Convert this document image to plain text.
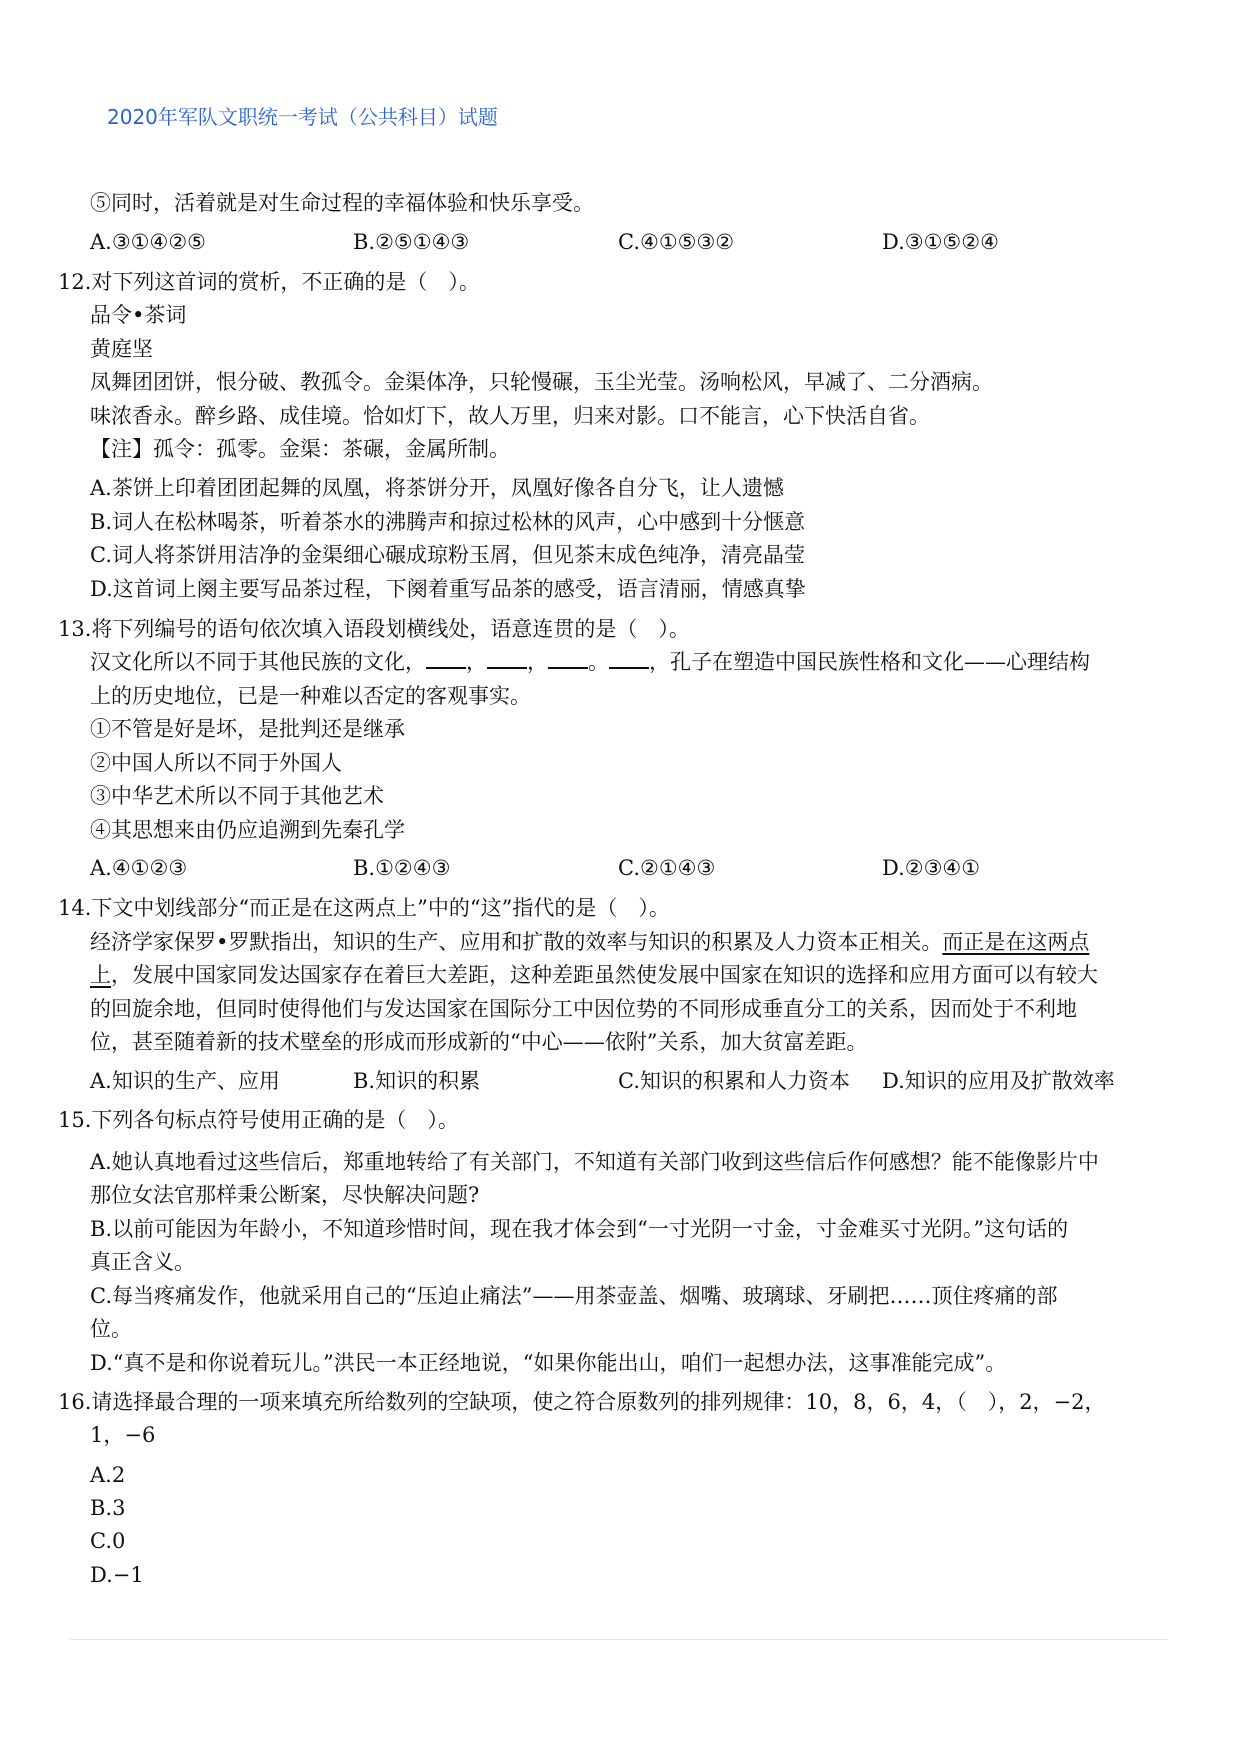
2020年军队文职统一考试（公共科目）试题
⑤同时，活着就是对生命过程的幸福体验和快乐享受。
A.③①④②⑤	B.②⑤①④③	C.④①⑤③②	D.③①⑤②④
12.对下列这首词的赏析，不正确的是（　）。
品令•茶词
黄庭坚
凤舞团团饼，恨分破、教孤令。金渠体净，只轮慢碾，玉尘光莹。汤响松风，早减了、二分酒病。
味浓香永。醉乡路、成佳境。恰如灯下，故人万里，归来对影。口不能言，心下快活自省。
【注】孤令：孤零。金渠：茶碾，金属所制。
A.茶饼上印着团团起舞的凤凰，将茶饼分开，凤凰好像各自分飞，让人遗憾
B.词人在松林喝茶，听着茶水的沸腾声和掠过松林的风声，心中感到十分惬意
C.词人将茶饼用洁净的金渠细心碾成琼粉玉屑，但见茶末成色纯净，清亮晶莹
D.这首词上阕主要写品茶过程，下阕着重写品茶的感受，语言清丽，情感真挚
13.将下列编号的语句依次填入语段划横线处，语意连贯的是（　）。
汉文化所以不同于其他民族的文化， ， ， 。 ，孔子在塑造中国民族性格和文化——心理结构
上的历史地位，已是一种难以否定的客观事实。
①不管是好是坏，是批判还是继承
②中国人所以不同于外国人
③中华艺术所以不同于其他艺术
④其思想来由仍应追溯到先秦孔学
A.④①②③	B.①②④③	C.②①④③	D.②③④①
14.下文中划线部分“而正是在这两点上”中的“这”指代的是（　）。
经济学家保罗•罗默指出，知识的生产、应用和扩散的效率与知识的积累及人力资本正相关。而正是在这两点
上，发展中国家同发达国家存在着巨大差距，这种差距虽然使发展中国家在知识的选择和应用方面可以有较大
的回旋余地，但同时使得他们与发达国家在国际分工中因位势的不同形成垂直分工的关系，因而处于不利地
位，甚至随着新的技术壁垒的形成而形成新的“中心——依附”关系，加大贫富差距。
A.知识的生产、应用	B.知识的积累	C.知识的积累和人力资本 D.知识的应用及扩散效率
15.下列各句标点符号使用正确的是（　）。
A.她认真地看过这些信后，郑重地转给了有关部门，不知道有关部门收到这些信后作何感想？能不能像影片中
那位女法官那样秉公断案，尽快解决问题?
B.以前可能因为年龄小，不知道珍惜时间，现在我才体会到“一寸光阴一寸金，寸金难买寸光阴。”这句话的
真正含义。
C.每当疼痛发作，他就采用自己的“压迫止痛法”——用茶壶盖、烟嘴、玻璃球、牙刷把……顶住疼痛的部
位。
D.“真不是和你说着玩儿。”洪民一本正经地说，“如果你能出山，咱们一起想办法，这事准能完成”。
16.请选择最合理的一项来填充所给数列的空缺项，使之符合原数列的排列规律：10，8，6，4，（　），2，−2，
1，−6
A.2
B.3
C.0
D.−1
